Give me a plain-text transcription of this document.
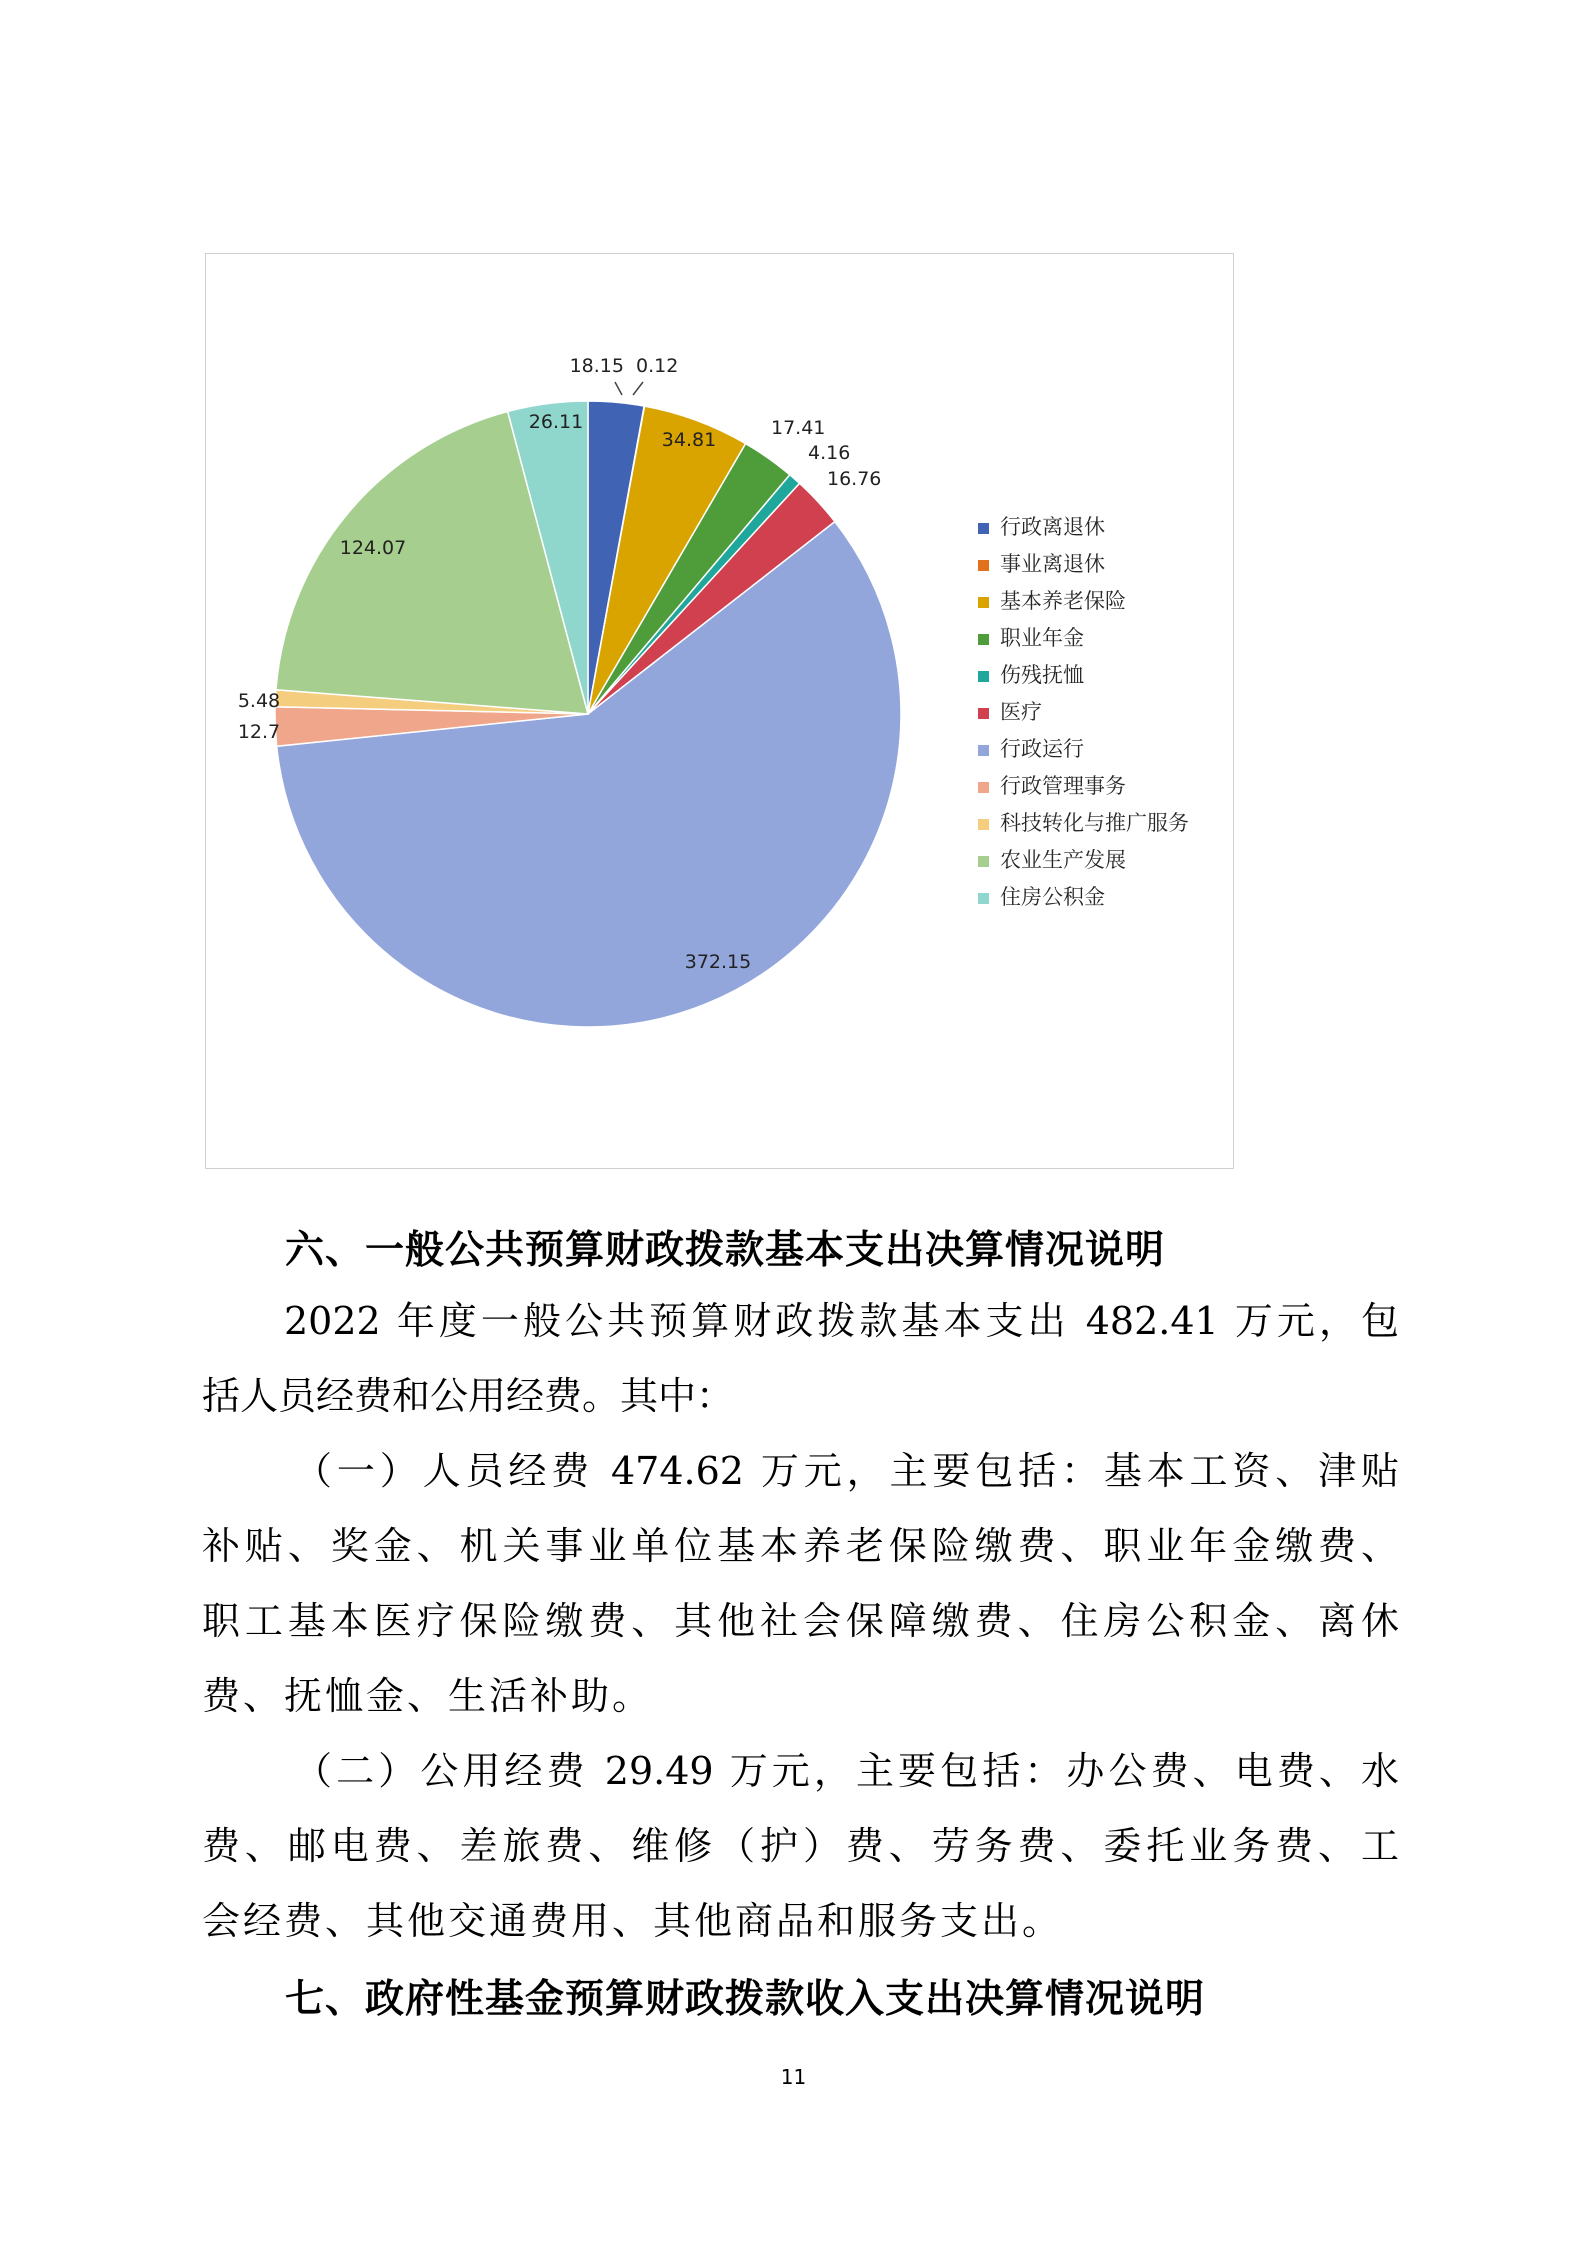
18.15 0.12
34.81
17.41
4.16
16.76
372.15
12.7
5.48
124.07
26.11
行政离退休
事业离退休
基本养老保险
职业年金
伤残抚恤
医疗
行政运行
行政管理事务
科技转化与推广服务
农业生产发展
住房公积金
六、一般公共预算财政拨款基本支出决算情况说明
2022 年度一般公共预算财政拨款基本支出 482.41 万元，包
括人员经费和公用经费。其中：
（一）人员经费 474.62 万元，主要包括：基本工资、津贴
补贴、奖金、机关事业单位基本养老保险缴费、职业年金缴费、
职工基本医疗保险缴费、其他社会保障缴费、住房公积金、离休
费、抚恤金、生活补助。
（二）公用经费 29.49 万元，主要包括：办公费、电费、水
费、邮电费、差旅费、维修（护）费、劳务费、委托业务费、工
会经费、其他交通费用、其他商品和服务支出。
七、政府性基金预算财政拨款收入支出决算情况说明
11
